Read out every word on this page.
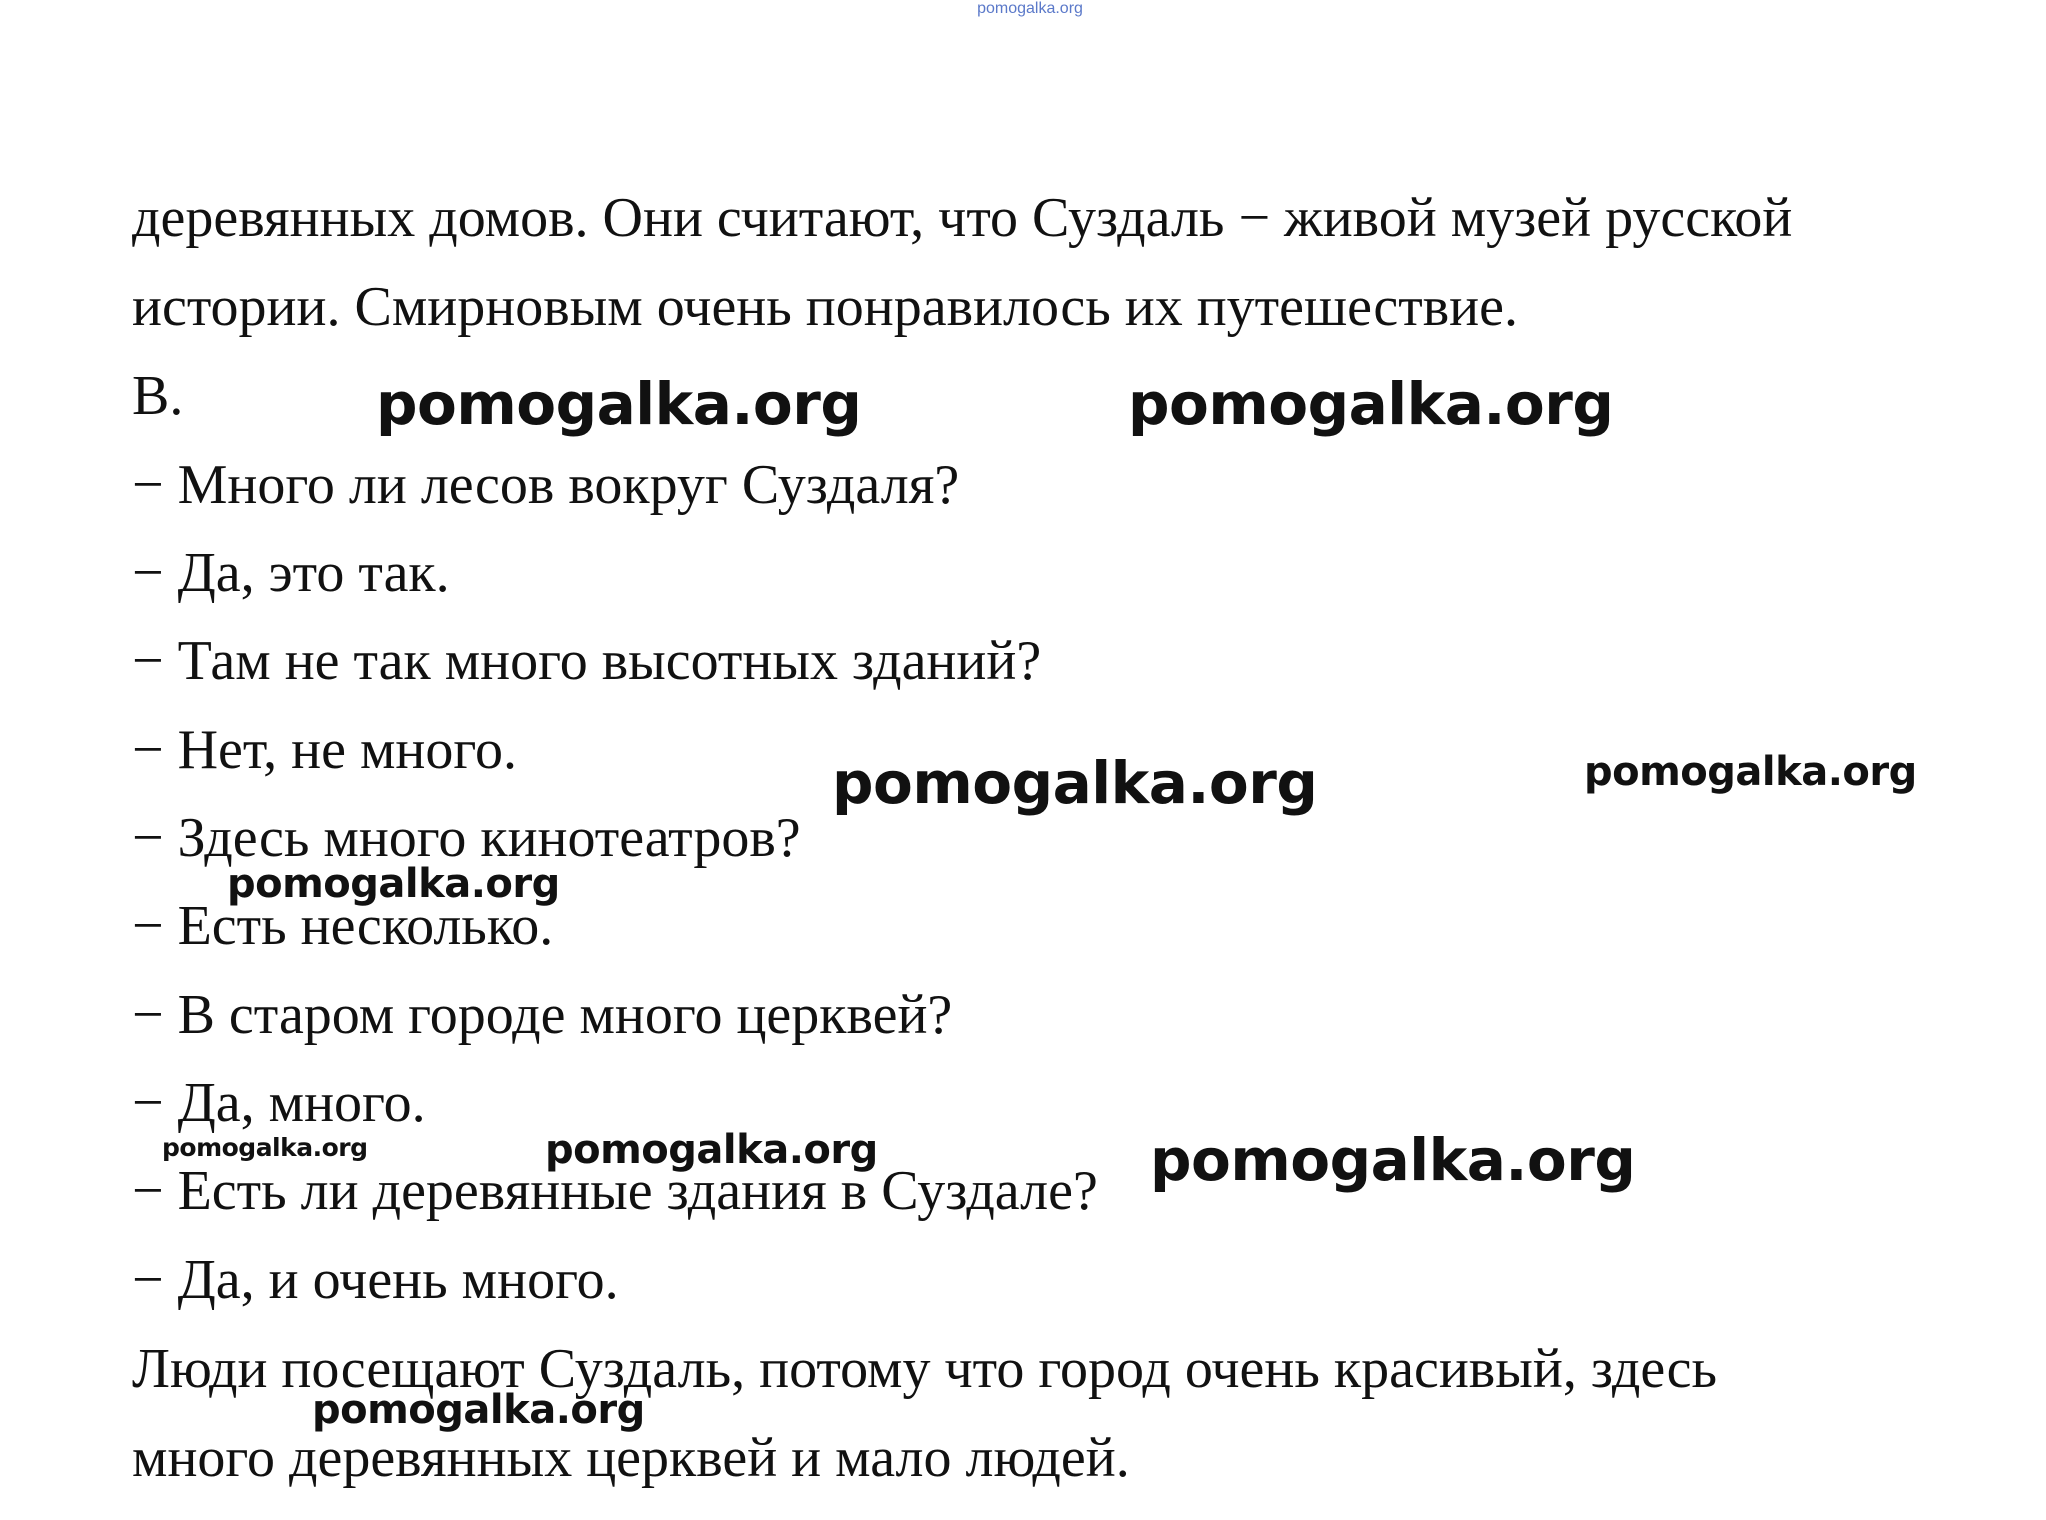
pomogalka.org
деревянных домов. Они считают, что Суздаль − живой музей русской
истории. Смирновым очень понравилось их путешествие.
B.
− Много ли лесов вокруг Суздаля?
− Да, это так.
− Там не так много высотных зданий?
− Нет, не много.
− Здесь много кинотеатров?
− Есть несколько.
− В старом городе много церквей?
− Да, много.
− Есть ли деревянные здания в Суздале?
− Да, и очень много.
Люди посещают Суздаль, потому что город очень красивый, здесь
много деревянных церквей и мало людей.
pomogalka.org	pomogalka.org
pomogalka.org	pomogalka.org
pomogalka.org
pomogalka.org	pomogalka.org	pomogalka.org
pomogalka.org
